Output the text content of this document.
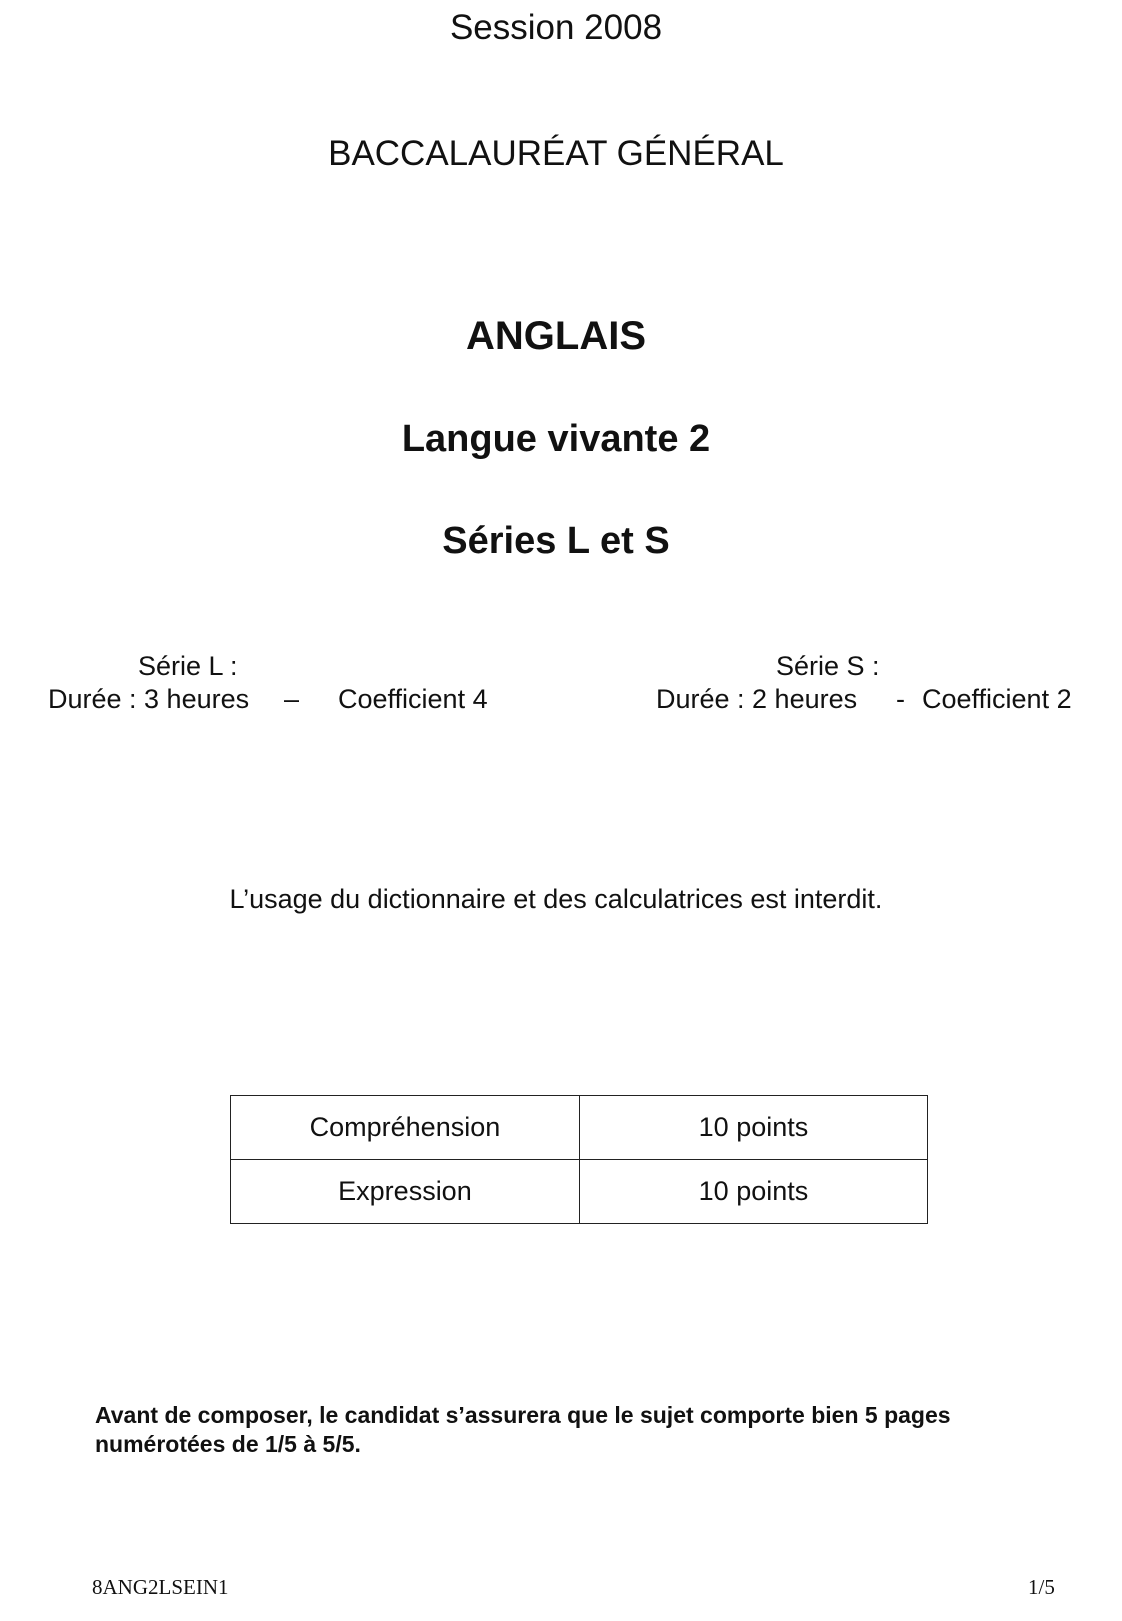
Session 2008
BACCALAURÉAT GÉNÉRAL
ANGLAIS
Langue vivante 2
Séries L et S
Série L :
Durée : 3 heures – Coefficient 4
Série S :
Durée : 2 heures - Coefficient 2
L’usage du dictionnaire et des calculatrices est interdit.
Compréhension	10 points
Expression	10 points
Avant de composer, le candidat s’assurera que le sujet comporte bien 5 pages numérotées de 1/5 à 5/5.
8ANG2LSEIN1	1/5
